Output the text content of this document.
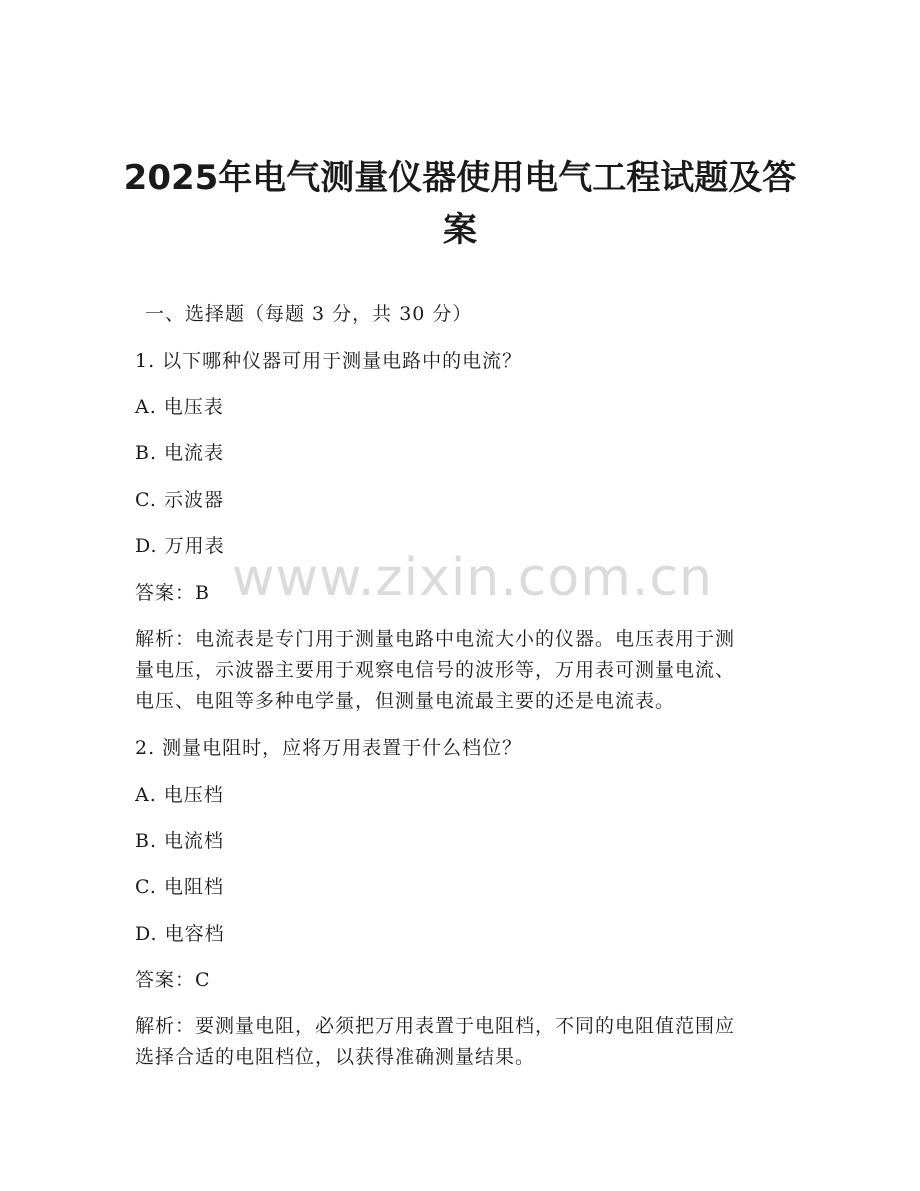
2025年电气测量仪器使用电气工程试题及答
案
一、选择题（每题 3 分，共 30 分）
1. 以下哪种仪器可用于测量电路中的电流？
A. 电压表
B. 电流表
C. 示波器
D. 万用表
答案：B
解析：电流表是专门用于测量电路中电流大小的仪器。电压表用于测
量电压，示波器主要用于观察电信号的波形等，万用表可测量电流、
电压、电阻等多种电学量，但测量电流最主要的还是电流表。
2. 测量电阻时，应将万用表置于什么档位？
A. 电压档
B. 电流档
C. 电阻档
D. 电容档
答案：C
解析：要测量电阻，必须把万用表置于电阻档，不同的电阻值范围应
选择合适的电阻档位，以获得准确测量结果。
www.zixin.com.cn
